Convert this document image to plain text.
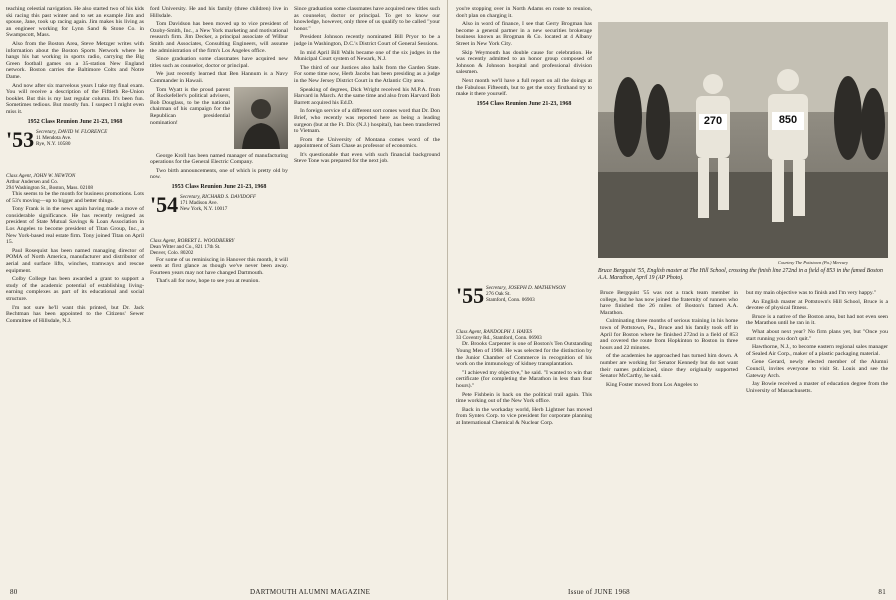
teaching celestial navigation. He also started two of his kids ski racing this past winter and to set an example Jim and spouse, Jane, took up racing again. Jim makes his living as an engineer working for Lynn Sand & Stone Co. in Swampscott, Mass.

Also from the Boston Area, Steve Metzger writes with information about the Boston Sports Network where he hangs his hat working in sports radio, carrying the Big Green football games on a 35-station New England network. Boston carries the Baltimore Colts and Notre Dame.

And now after six marvelous years I take my final exam. You will receive a description of the Fiftieth Re-Union booklet. But this is my last regular column. It's been fun. Sometimes tedious. But mostly fun. I suspect I might even miss it.

1952 Class Reunion June 21-23, 1968
'53 Secretary, DAVID W. FLORENCE
11 Mendota Ave.
Rye, N.Y. 10580
Class Agent, JOHN W. NEWTON
Arthur Andersen and Co.
294 Washington St., Boston, Mass. 02108

This seems to be the month for business promotions. Lots of 53's moving—up to bigger and better things.

Tony Frank is in the news again having made a move of considerable significance. He has recently resigned as president of State Mutual Savings & Loan Association in Los Angeles to become president of Titan Group, Inc., a New York-based real estate firm. Tony joined Titan on April 15.

Paul Rosequist has been named managing director of POMA of North America, manufacturer and distributor of aerial and surface lifts, winches, tramways and rescue equipment.

Colby College has been awarded a grant to support a study of the academic potential of establishing living-earning complexes as part of its educational and social structure.

I'm not sure he'll want this printed, but Dr. Jack Bechtman has been appointed to the Citizens' Sewer Committee of Hillsdale, N.J.

ford University. He and his family (three children) live in Hillsdale.

Tom Davidson has been moved up to vice president of Ozoby-Smith, Inc., a New York marketing and motivational research firm. Jim Decker, a principal associate of Wilbur Smith and Associates, Consulting Engineers, will assume the administration of the firm's Los Angeles office.

Since graduation some classmates have acquired new titles such as counselor, doctor or principal.

We just recently learned that Ben Hannum is a Navy Commander in Hawaii.

Tom Wyatt is the proud parent of Rockefeller's political advisers, Bob Douglass, to be the national chairman of his campaign for the Republican presidential nomination!

George Kroll has been named manager of manufacturing operations for the General Electric Company.

Two birth announcements, one of which is pretty old by now.

1953 Class Reunion June 21-23, 1968
'54 Secretary, RICHARD S. DAVIDOFF
171 Madison Ave.
New York, N.Y. 10017
Class Agent, ROBERT L. WOODBERRY
Dean Witter and Co., 821 17th St.
Denver, Colo. 80202

For some of us reminiscing in Hanover this month, it will seem at first glance as though we've never been away. Fourteen years may not have changed Dartmouth.

That's all for now, hope to see you at reunion.

Since graduation some classmates have acquired new titles such as counselor, doctor or principal. To get to know our knowledge, however, only three of us qualify to be called "your honor."

President Johnson recently nominated Bill Pryor to be a judge in Washington, D.C.'s District Court of General Sessions.

In mid April Bill Walls became one of the six judges in the Municipal Court system of Newark, N.J.

The third of our Justices also hails from the Garden State. For some time now, Herb Jacobs has been presiding as a judge in the New Jersey District Court in the Atlantic City area.

Speaking of degrees, Dick Wright received his M.P.A. from Harvard in March. At the same time and also from Harvard Bob Barrett acquired his Ed.D.

In foreign service of a different sort comes word that Dr. Don Brief, who recently was reported here as being a leading surgeon (but at the Ft. Dix (N.J.) hospital), has been transferred to Vietnam.

From the University of Montana comes word of the appointment of Sam Chase as professor of economics.

It's questionable that even with such financial background Steve Tone was prepared for the next job.

80	DARTMOUTH ALUMNI MAGAZINE

you're stopping over in North Adams en route to reunion, don't plan on charging it.

Also in word of finance, I see that Gerry Brogman has become a general partner in a new securities brokerage business known as Brogman & Co. located at 4 Albany Street in New York City.

Skip Weymouth has double cause for celebration. He was recently admitted to an honor group composed of Johnson & Johnson hospital and professional division salesmen.

Next month we'll have a full report on all the doings at the Fabulous Fifteenth, but to get the story firsthand try to make it there yourself.

1954 Class Reunion June 21-23, 1968
270	850
Courtesy The Pottstown (Pa.) Mercury
Bruce Bergquist '55, English master at The Hill School, crossing the finish line 272nd in a field of 853 in the famed Boston A.A. Marathon, April 19 (AP Photo).
'55 Secretary, JOSEPH D. MATHEWSON
276 Oak St.
Stamford, Conn. 06903
Class Agent, RANDOLPH J. HAYES
33 Coventry Rd., Stamford, Conn. 06903

Dr. Brooks Carpenter is one of Boston's Ten Outstanding Young Men of 1968. He was selected for the distinction by the Junior Chamber of Commerce in recognition of his work on the immunology of kidney transplantation.

"I achieved my objective," he said. "I wanted to win that certificate (for completing the Marathon in less than four hours)."

Pete Fishbein is back on the political trail again. This time working out of the New York office.

Back in the workaday world, Herb Lightner has moved from Syntex Corp. to vice president for corporate planning at International Chemical & Nuclear Corp.

Bruce Bergquist '55 was not a track team member in college, but he has now joined the fraternity of runners who have finished the 26 miles of Boston's famed A.A. Marathon.

Culminating three months of serious training in his home town of Pottstown, Pa., Bruce and his family took off in April for Boston where he finished 272nd in a field of 853 and covered the route from Hopkinton to Boston in three hours and 22 minutes.

of the academies he approached has turned him down. A number are working for Senator Kennedy but do not want their names publicized, since they originally supported Senator McCarthy, he said.

King Foster moved from Los Angeles to

but my main objective was to finish and I'm very happy."

An English master at Pottstown's Hill School, Bruce is a devotee of physical fitness.

Bruce is a native of the Boston area, but had not even seen the Marathon until he ran in it.

What about next year? No firm plans yet, but "Once you start running you don't quit."

Hawthorne, N.J., to become eastern regional sales manager of Sealed Air Corp., maker of a plastic packaging material.

Gene Gerard, newly elected member of the Alumni Council, invites everyone to visit St. Louis and see the Gateway Arch.

Jay Bowie received a master of education degree from the University of Massachusetts.

Issue of JUNE 1968	81
